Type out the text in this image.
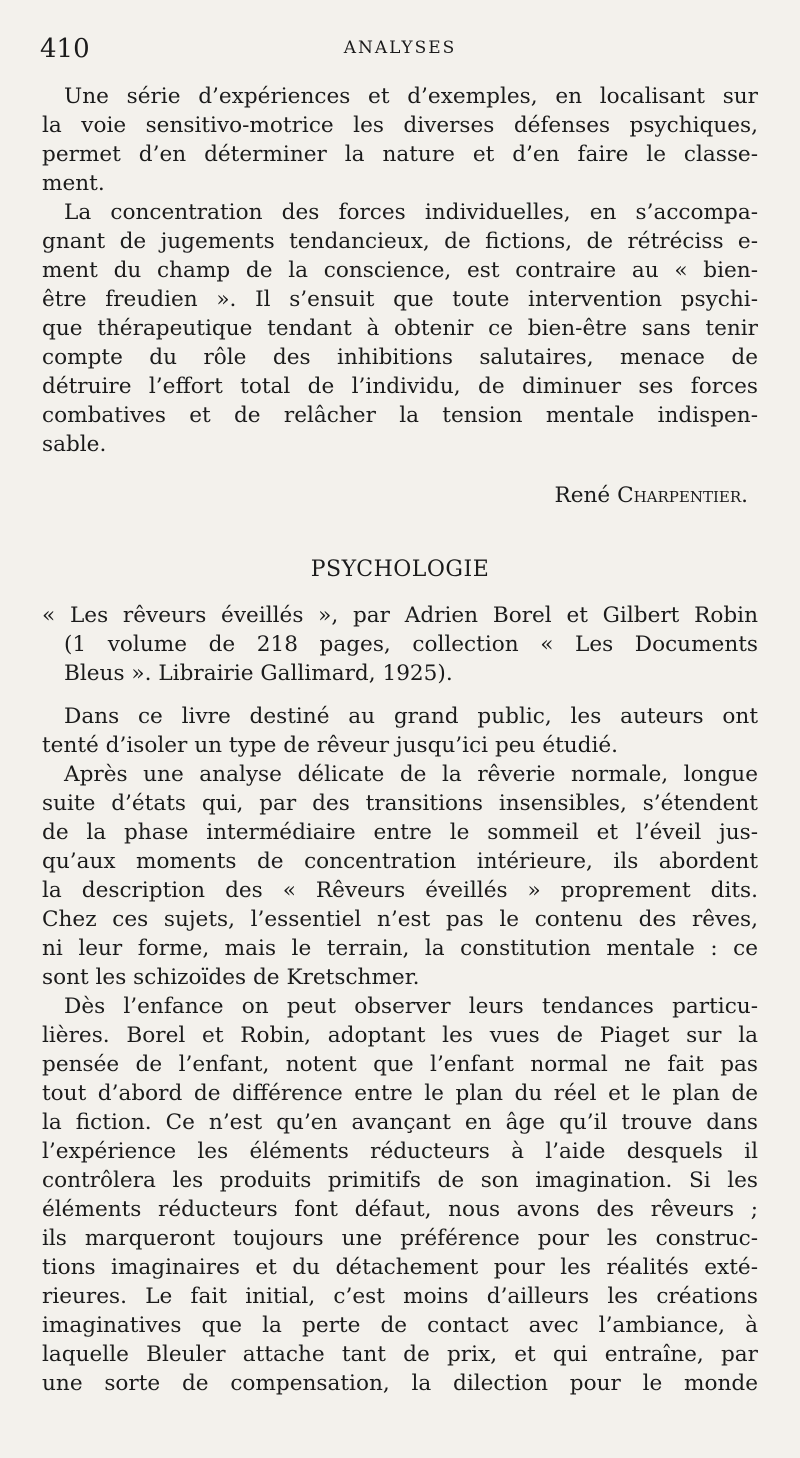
410	ANALYSES
Une série d’expériences et d’exemples, en localisant sur
la voie sensitivo-motrice les diverses défenses psychiques,
permet d’en déterminer la nature et d’en faire le classe-
ment.
La concentration des forces individuelles, en s’accompa-
gnant de jugements tendancieux, de fictions, de rétréciss e-
ment du champ de la conscience, est contraire au « bien-
être freudien ». Il s’ensuit que toute intervention psychi-
que thérapeutique tendant à obtenir ce bien-être sans tenir
compte du rôle des inhibitions salutaires, menace de
détruire l’effort total de l’individu, de diminuer ses forces
combatives et de relâcher la tension mentale indispen-
sable.
René Charpentier.
PSYCHOLOGIE
« Les rêveurs éveillés », par Adrien Borel et Gilbert Robin
(1 volume de 218 pages, collection « Les Documents
Bleus ». Librairie Gallimard, 1925).
Dans ce livre destiné au grand public, les auteurs ont
tenté d’isoler un type de rêveur jusqu’ici peu étudié.
Après une analyse délicate de la rêverie normale, longue
suite d’états qui, par des transitions insensibles, s’étendent
de la phase intermédiaire entre le sommeil et l’éveil jus-
qu’aux moments de concentration intérieure, ils abordent
la description des « Rêveurs éveillés » proprement dits.
Chez ces sujets, l’essentiel n’est pas le contenu des rêves,
ni leur forme, mais le terrain, la constitution mentale : ce
sont les schizoïdes de Kretschmer.
Dès l’enfance on peut observer leurs tendances particu-
lières. Borel et Robin, adoptant les vues de Piaget sur la
pensée de l’enfant, notent que l’enfant normal ne fait pas
tout d’abord de différence entre le plan du réel et le plan de
la fiction. Ce n’est qu’en avançant en âge qu’il trouve dans
l’expérience les éléments réducteurs à l’aide desquels il
contrôlera les produits primitifs de son imagination. Si les
éléments réducteurs font défaut, nous avons des rêveurs ;
ils marqueront toujours une préférence pour les construc-
tions imaginaires et du détachement pour les réalités exté-
rieures. Le fait initial, c’est moins d’ailleurs les créations
imaginatives que la perte de contact avec l’ambiance, à
laquelle Bleuler attache tant de prix, et qui entraîne, par
une sorte de compensation, la dilection pour le monde
